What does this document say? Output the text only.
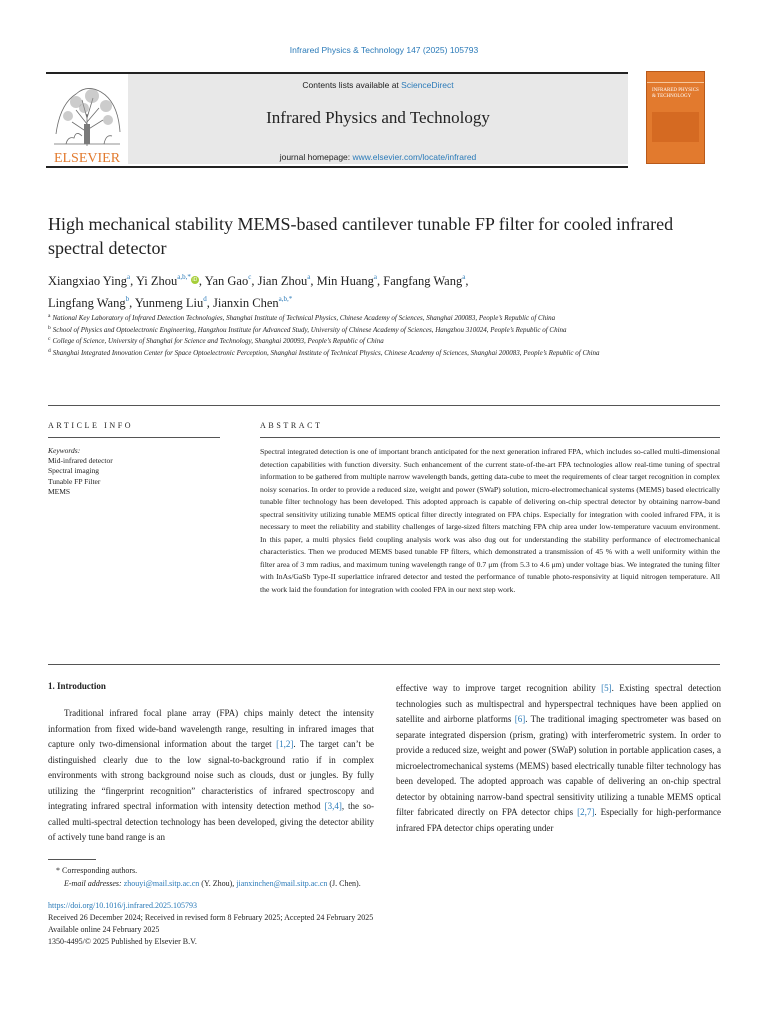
Infrared Physics & Technology 147 (2025) 105793
ELSEVIER
Contents lists available at ScienceDirect
Infrared Physics and Technology
journal homepage: www.elsevier.com/locate/infrared
INFRARED PHYSICS & TECHNOLOGY
High mechanical stability MEMS-based cantilever tunable FP filter for cooled infrared spectral detector
Xiangxiao Ying$^a$, Yi Zhou$^{a,b,*}$ iD , Yan Gao$^c$, Jian Zhou$^a$, Min Huang$^a$, Fangfang Wang$^a$,
Lingfang Wang$^b$, Yunmeng Liu$^d$, Jianxin Chen$^{a,b,*}$
$^a$ National Key Laboratory of Infrared Detection Technologies, Shanghai Institute of Technical Physics, Chinese Academy of Sciences, Shanghai 200083, People’s Republic of China
$^b$ School of Physics and Optoelectronic Engineering, Hangzhou Institute for Advanced Study, University of Chinese Academy of Sciences, Hangzhou 310024, People’s Republic of China
$^c$ College of Science, University of Shanghai for Science and Technology, Shanghai 200093, People’s Republic of China
$^d$ Shanghai Integrated Innovation Center for Space Optoelectronic Perception, Shanghai Institute of Technical Physics, Chinese Academy of Sciences, Shanghai 200083, People’s Republic of China
ARTICLE INFO	ABSTRACT
Keywords:
Mid-infrared detector
Spectral imaging
Tunable FP Filter
MEMS

Spectral integrated detection is one of important branch anticipated for the next generation infrared FPA, which includes so-called multi-dimensional detection capabilities with function diversity. Such enhancement of the current state-of-the-art FPA technologies allow real-time tuning of spectral information to be gathered from multiple narrow wavelength bands, getting data-cube to meet the requirements of clear target recognition in complex noisy scenarios. In order to provide a reduced size, weight and power (SWaP) solution, micro-electromechanical systems (MEMS) based electrically tunable filter technology has been developed. This adopted approach is capable of delivering on-chip spectral detector by obtaining narrow-band spectral sensitivity utilizing tunable MEMS optical filter directly integrated on FPA chips. Especially for integration with cooled infrared FPA, it is necessary to meet the reliability and stability challenges of large-sized filters matching FPA chip area under low-temperature vacuum environment. In this paper, a multi physics field coupling analysis work was also dug out for understanding the stability performance of electromechanical characteristics. Then we produced MEMS based tunable FP filters, which demonstrated a transmission of 45 % with a well uniformity within the filter area of 3 mm radius, and maximum tuning wavelength range of 0.7 μm (from 5.3 to 4.6 μm) under voltage bias. We integrated the tuning filter with InAs/GaSb Type-II superlattice infrared detector and tested the performance of tunable photo-responsivity at liquid nitrogen temperature. All the work laid the foundation for integration with cooled FPA in our next step work.

1. Introduction

Traditional infrared focal plane array (FPA) chips mainly detect the intensity information from fixed wide-band wavelength range, resulting in infrared images that capture only two-dimensional information about the target [1,2]. The target can’t be distinguished clearly due to the low signal-to-background ratio if in complex environments with strong background noise such as clouds, dust or jungles. By fully utilizing the “fingerprint recognition” characteristics of infrared spectroscopy and integrating infrared spectral information with intensity detection method [3,4], the so-called multi-spectral detection technology has been developed, giving the detector ability of actively tune band range is an

effective way to improve target recognition ability [5]. Existing spectral detection technologies such as multispectral and hyperspectral techniques have been applied on satellite and airborne platforms [6]. The traditional imaging spectrometer was based on separate integrated dispersion (prism, grating) with interferometric system. In order to provide a reduced size, weight and power (SWaP) solution in portable application cases, a microelectromechanical systems (MEMS) based electrically tunable filter technology has been developed. The adopted approach was capable of delivering an on-chip spectral detector by obtaining narrow-band spectral sensitivity utilizing a tunable MEMS optical filter fabricated directly on FPA detector chips [2,7]. Especially for high-performance infrared FPA detector chips operating under

* Corresponding authors.
E-mail addresses: zhouyi@mail.sitp.ac.cn (Y. Zhou), jianxinchen@mail.sitp.ac.cn (J. Chen).
https://doi.org/10.1016/j.infrared.2025.105793
Received 26 December 2024; Received in revised form 8 February 2025; Accepted 24 February 2025
Available online 24 February 2025
1350-4495/© 2025 Published by Elsevier B.V.
